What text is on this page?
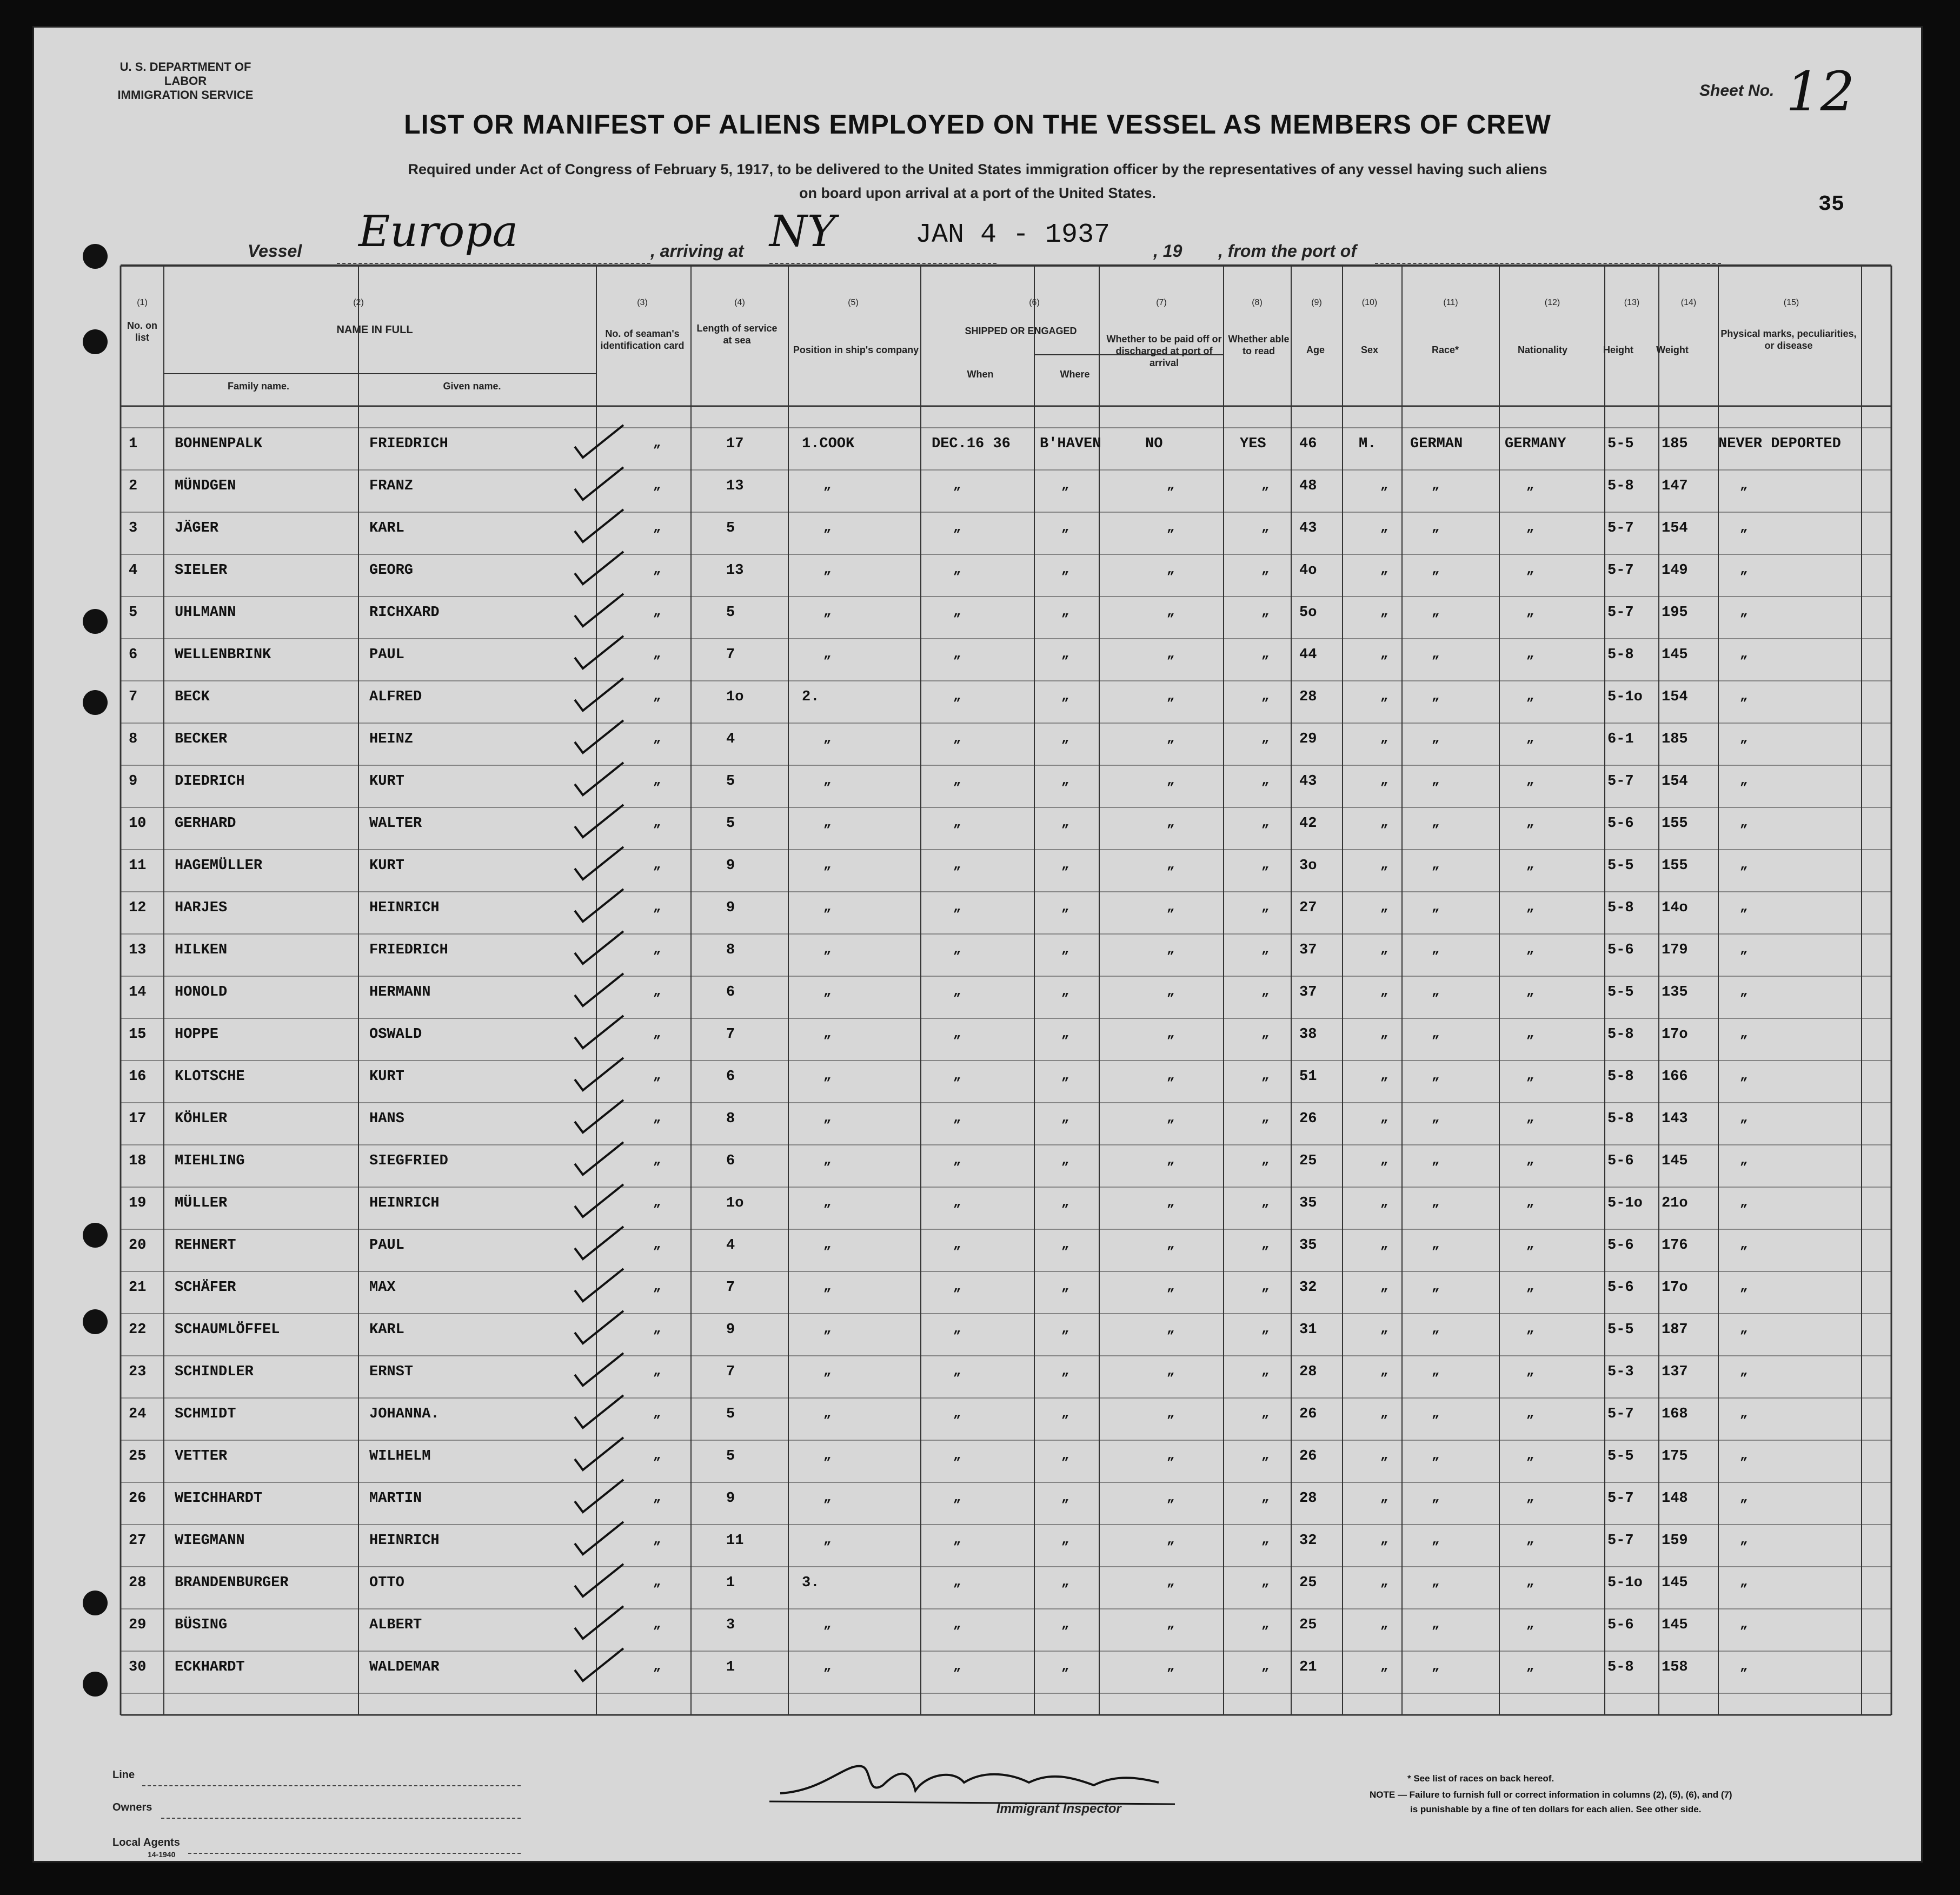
U. S. DEPARTMENT OF LABOR
IMMIGRATION SERVICE
LIST OR MANIFEST OF ALIENS EMPLOYED ON THE VESSEL AS MEMBERS OF CREW
Required under Act of Congress of February 5, 1917, to be delivered to the United States immigration officer by the representatives of any vessel having such aliens
on board upon arrival at a port of the United States.
Sheet No. 12
35
Vessel Europa	, arriving at NY	JAN 4 - 1937
, 19 , from the port of
(1)	(2)	(3)	(4)	(5)	(6)	(7)	(8)	(9)	(10)	(11)	(12)	(13)	(14)	(15)
No. on list
NAME IN FULL
Family name.	Given name.
No. of seaman's identification card
Length of service at sea
Position in ship's company
SHIPPED OR ENGAGED
When	Where
Whether to be paid off or discharged at port of arrival
Whether able to read	Age	Sex	Race*	Nationality	Height	Weight
Physical marks, peculiarities, or disease
1	BOHNENPALK	FRIEDRICH	„	17	1.COOK	DEC.16 36 B'HAVEN	NO	YES 46	M. GERMAN	GERMANY	5-5 185 NEVER DEPORTED
2	MÜNDGEN	FRANZ	„	13	„	„	„	„	„ 48	„	„	„	5-8 147	„
3	JÄGER	KARL	„	5	„	„	„	„	„ 43	„	„	„	5-7 154	„
4	SIELER	GEORG	„	13	„	„	„	„	„ 4o	„	„	„	5-7 149	„
5	UHLMANN	RICHXARD	„	5	„	„	„	„	„ 5o	„	„	„	5-7 195	„
6	WELLENBRINK	PAUL	„	7	„	„	„	„	„ 44	„	„	„	5-8 145	„
7	BECK	ALFRED	„	1o	2.	„	„	„	„ 28	„	„	„	5-1o 154	„
8	BECKER	HEINZ	„	4	„	„	„	„	„ 29	„	„	„	6-1 185	„
9	DIEDRICH	KURT	„	5	„	„	„	„	„ 43	„	„	„	5-7 154	„
10 GERHARD	WALTER	„	5	„	„	„	„	„ 42	„	„	„	5-6 155	„
11 HAGEMÜLLER	KURT	„	9	„	„	„	„	„ 3o	„	„	„	5-5 155	„
12 HARJES	HEINRICH	„	9	„	„	„	„	„ 27	„	„	„	5-8 14o	„
13 HILKEN	FRIEDRICH	„	8	„	„	„	„	„ 37	„	„	„	5-6 179	„
14 HONOLD	HERMANN	„	6	„	„	„	„	„ 37	„	„	„	5-5 135	„
15 HOPPE	OSWALD	„	7	„	„	„	„	„ 38	„	„	„	5-8 17o	„
16 KLOTSCHE	KURT	„	6	„	„	„	„	„ 51	„	„	„	5-8 166	„
17 KÖHLER	HANS	„	8	„	„	„	„	„ 26	„	„	„	5-8 143	„
18 MIEHLING	SIEGFRIED	„	6	„	„	„	„	„ 25	„	„	„	5-6 145	„
19 MÜLLER	HEINRICH	„	1o	„	„	„	„	„ 35	„	„	„	5-1o 21o	„
20 REHNERT	PAUL	„	4	„	„	„	„	„ 35	„	„	„	5-6 176	„
21 SCHÄFER	MAX	„	7	„	„	„	„	„ 32	„	„	„	5-6 17o	„
22 SCHAUMLÖFFEL	KARL	„	9	„	„	„	„	„ 31	„	„	„	5-5 187	„
23 SCHINDLER	ERNST	„	7	„	„	„	„	„ 28	„	„	„	5-3 137	„
24 SCHMIDT	JOHANNA.	„	5	„	„	„	„	„ 26	„	„	„	5-7 168	„
25 VETTER	WILHELM	„	5	„	„	„	„	„ 26	„	„	„	5-5 175	„
26 WEICHHARDT	MARTIN	„	9	„	„	„	„	„ 28	„	„	„	5-7 148	„
27 WIEGMANN	HEINRICH	„	11	„	„	„	„	„ 32	„	„	„	5-7 159	„
28 BRANDENBURGER	OTTO	„	1	3.	„	„	„	„ 25	„	„	„	5-1o 145	„
29 BÜSING	ALBERT	„	3	„	„	„	„	„ 25	„	„	„	5-6 145	„
30 ECKHARDT	WALDEMAR	„	1	„	„	„	„	„ 21	„	„	„	5-8 158	„
Line
Owners
Local Agents
14-1940
Immigrant Inspector
* See list of races on back hereof.
NOTE — Failure to furnish full or correct information in columns (2), (5), (6), and (7)
is punishable by a fine of ten dollars for each alien. See other side.
